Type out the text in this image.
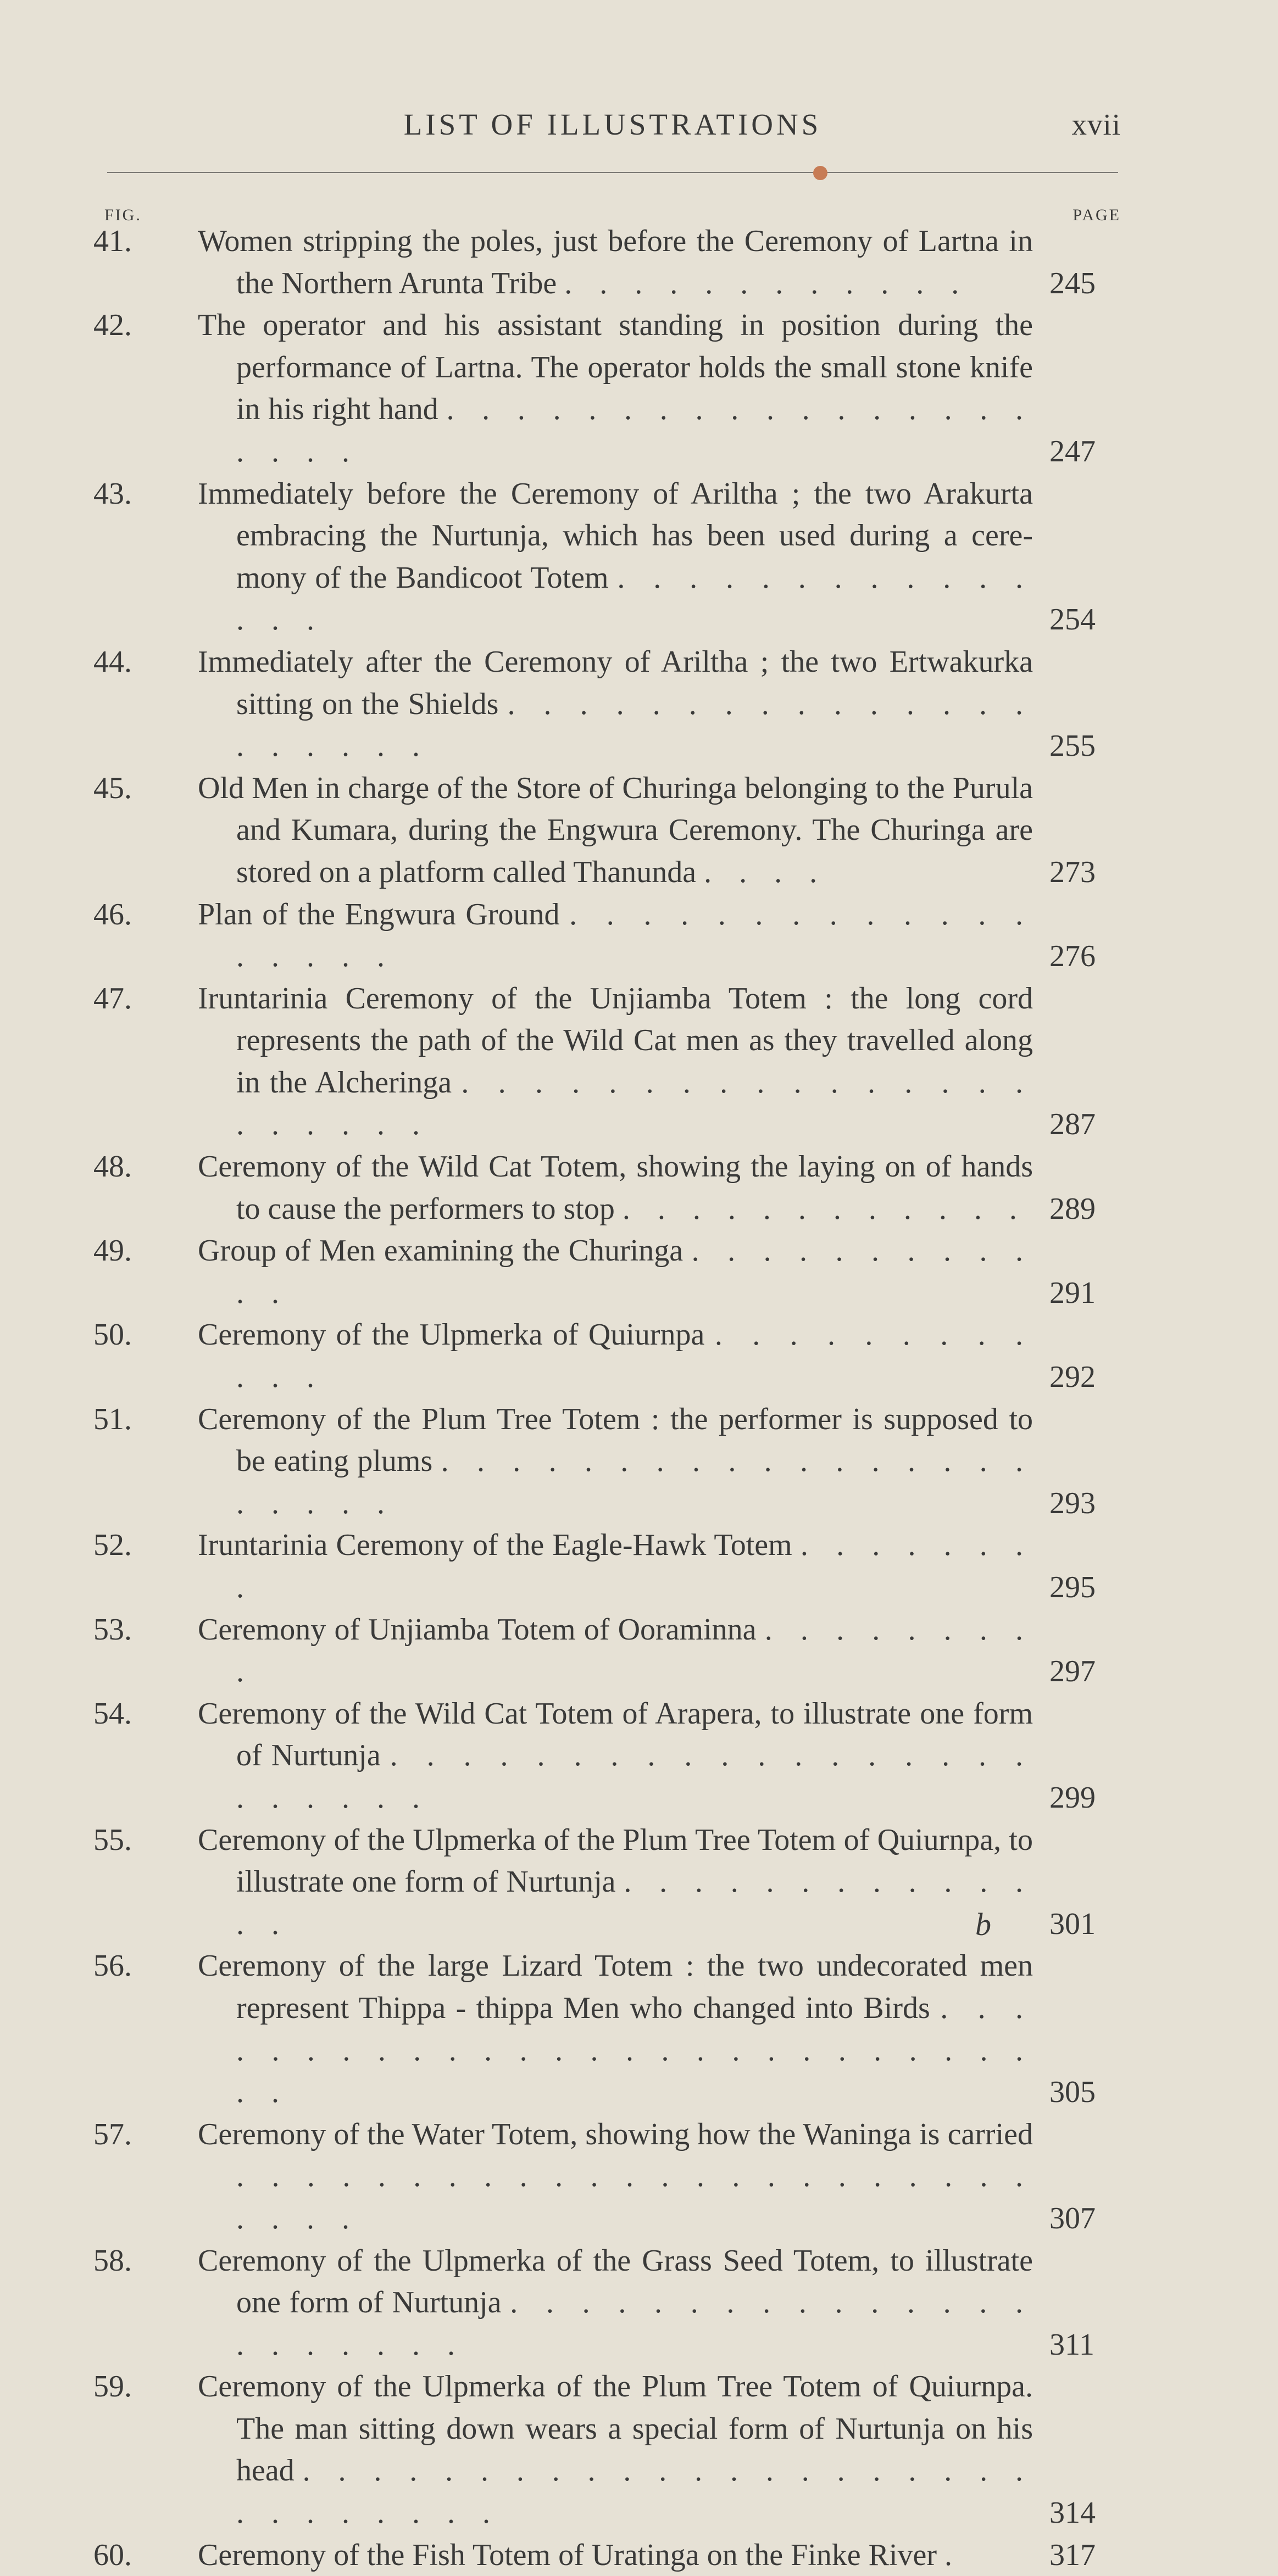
LIST OF ILLUSTRATIONS	xvii
FIG.	PAGE
41.	Women stripping the poles, just before the Ceremony of Lartna in the Northern Arunta Tribe . . . . . . . . . . . .	245
42.	The operator and his assistant standing in position during the performance of Lartna. The operator holds the small stone knife in his right hand . . . . . . . . . . . . . . . . . . . . .	247
43.	Immediately before the Ceremony of Ariltha ; the two Arakurta embracing the Nurtunja, which has been used during a cere-mony of the Bandicoot Totem . . . . . . . . . . . . . . .	254
44.	Immediately after the Ceremony of Ariltha ; the two Ertwakurka sitting on the Shields . . . . . . . . . . . . . . . . . . . . .	255
45.	Old Men in charge of the Store of Churinga belonging to the Purula and Kumara, during the Engwura Ceremony. The Churinga are stored on a platform called Thanunda . . . .	273
46.	Plan of the Engwura Ground . . . . . . . . . . . . . . . . . .	276
47.	Iruntarinia Ceremony of the Unjiamba Totem : the long cord represents the path of the Wild Cat men as they travelled along in the Alcheringa . . . . . . . . . . . . . . . . . . . . . .	287
48.	Ceremony of the Wild Cat Totem, showing the laying on of hands to cause the performers to stop . . . . . . . . . . . . 289
49.	Group of Men examining the Churinga . . . . . . . . . . . .	291
50.	Ceremony of the Ulpmerka of Quiurnpa . . . . . . . . . . . .	292
51.	Ceremony of the Plum Tree Totem : the performer is supposed to be eating plums . . . . . . . . . . . . . . . . . . . . . .	293
52.	Iruntarinia Ceremony of the Eagle-Hawk Totem . . . . . . . .	295
53.	Ceremony of Unjiamba Totem of Ooraminna . . . . . . . . .	297
54.	Ceremony of the Wild Cat Totem of Arapera, to illustrate one form of Nurtunja . . . . . . . . . . . . . . . . . . . . . . . .	299
55.	Ceremony of the Ulpmerka of the Plum Tree Totem of Quiurnpa, to illustrate one form of Nurtunja . . . . . . . . . . . . . .	301
56.	Ceremony of the large Lizard Totem : the two undecorated men represent Thippa - thippa Men who changed into Birds . . . . . . . . . . . . . . . . . . . . . . . . . . . .	305
57.	Ceremony of the Water Totem, showing how the Waninga is carried . . . . . . . . . . . . . . . . . . . . . . . . . . .	307
58.	Ceremony of the Ulpmerka of the Grass Seed Totem, to illustrate one form of Nurtunja . . . . . . . . . . . . . . . . . . . . . .	311
59.	Ceremony of the Ulpmerka of the Plum Tree Totem of Quiurnpa. The man sitting down wears a special form of Nurtunja on his head . . . . . . . . . . . . . . . . . . . . . . . . . . . . .	314
60.	Ceremony of the Fish Totem of Uratinga on the Finke River .	317
b
